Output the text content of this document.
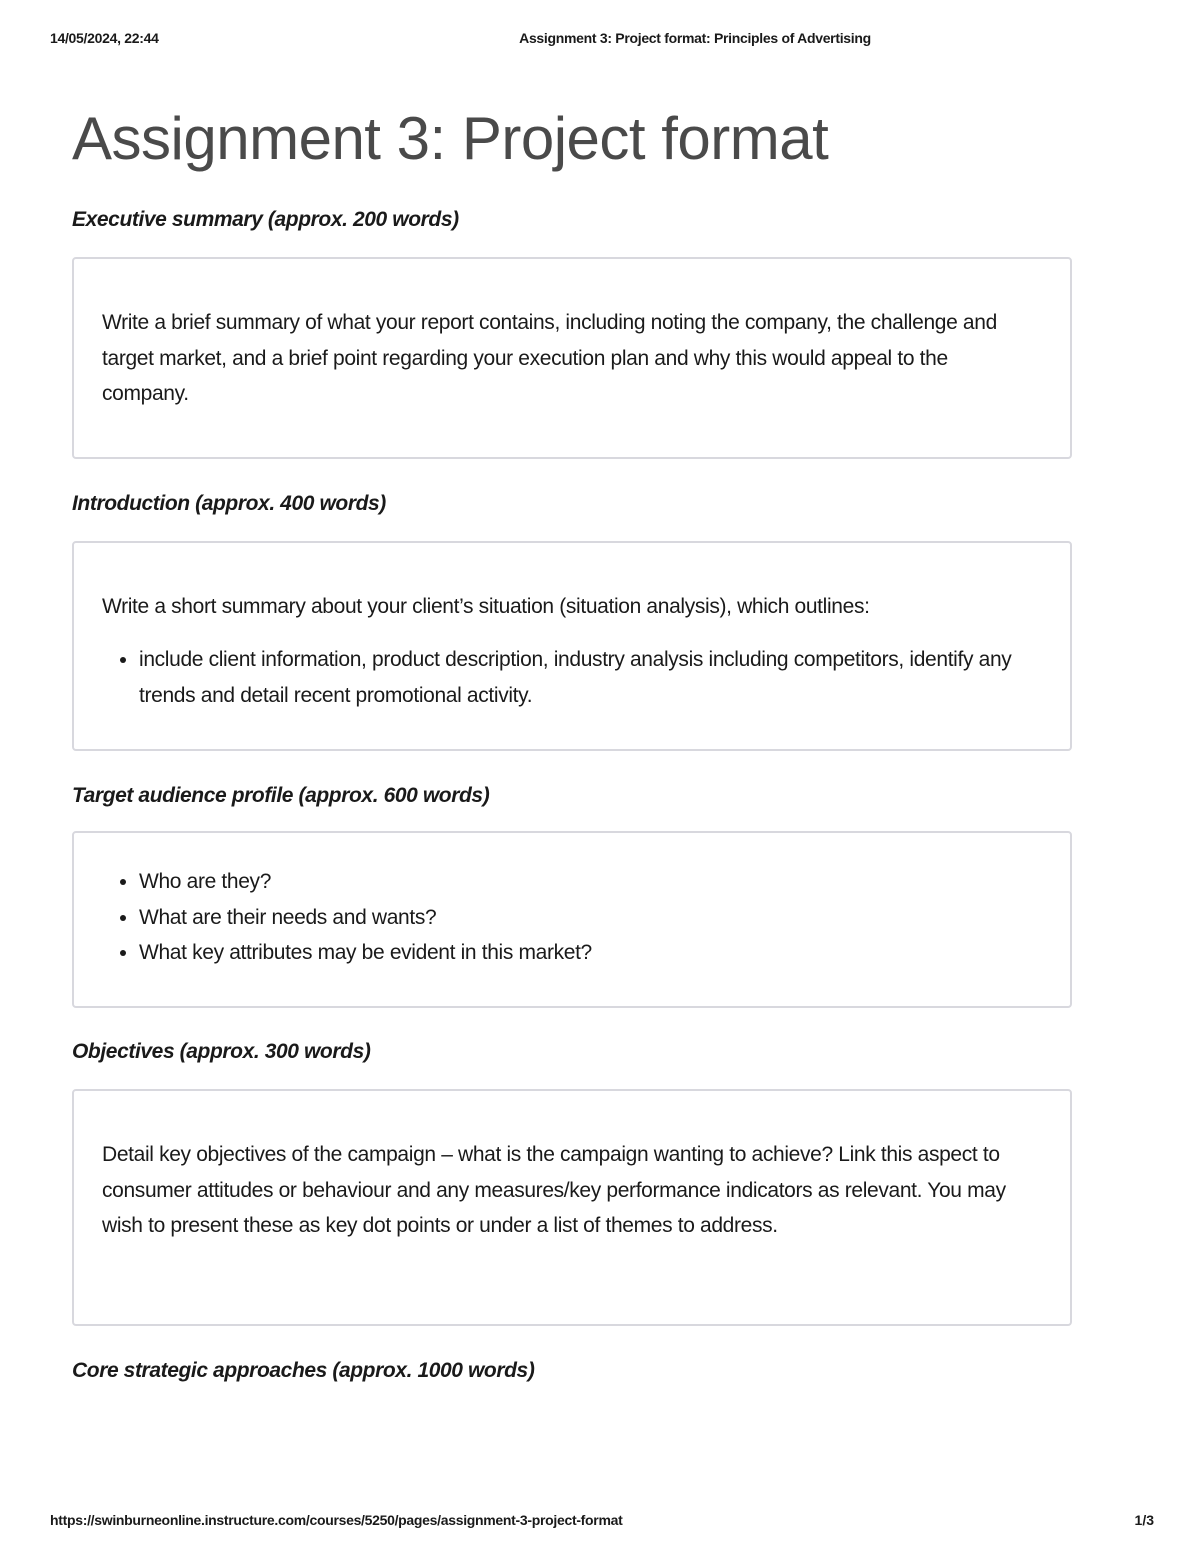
14/05/2024, 22:44	Assignment 3: Project format: Principles of Advertising
Assignment 3: Project format
Executive summary (approx. 200 words)

Write a brief summary of what your report contains, including noting the company, the challenge and target market, and a brief point regarding your execution plan and why this would appeal to the company.

Introduction (approx. 400 words)

Write a short summary about your client’s situation (situation analysis), which outlines:

• include client information, product description, industry analysis including competitors, identify any trends and detail recent promotional activity.
Target audience profile (approx. 600 words)
• Who are they?
• What are their needs and wants?
• What key attributes may be evident in this market?
Objectives (approx. 300 words)

Detail key objectives of the campaign – what is the campaign wanting to achieve? Link this aspect to consumer attitudes or behaviour and any measures/key performance indicators as relevant. You may wish to present these as key dot points or under a list of themes to address.

Core strategic approaches (approx. 1000 words)
https://swinburneonline.instructure.com/courses/5250/pages/assignment-3-project-format	1/3
